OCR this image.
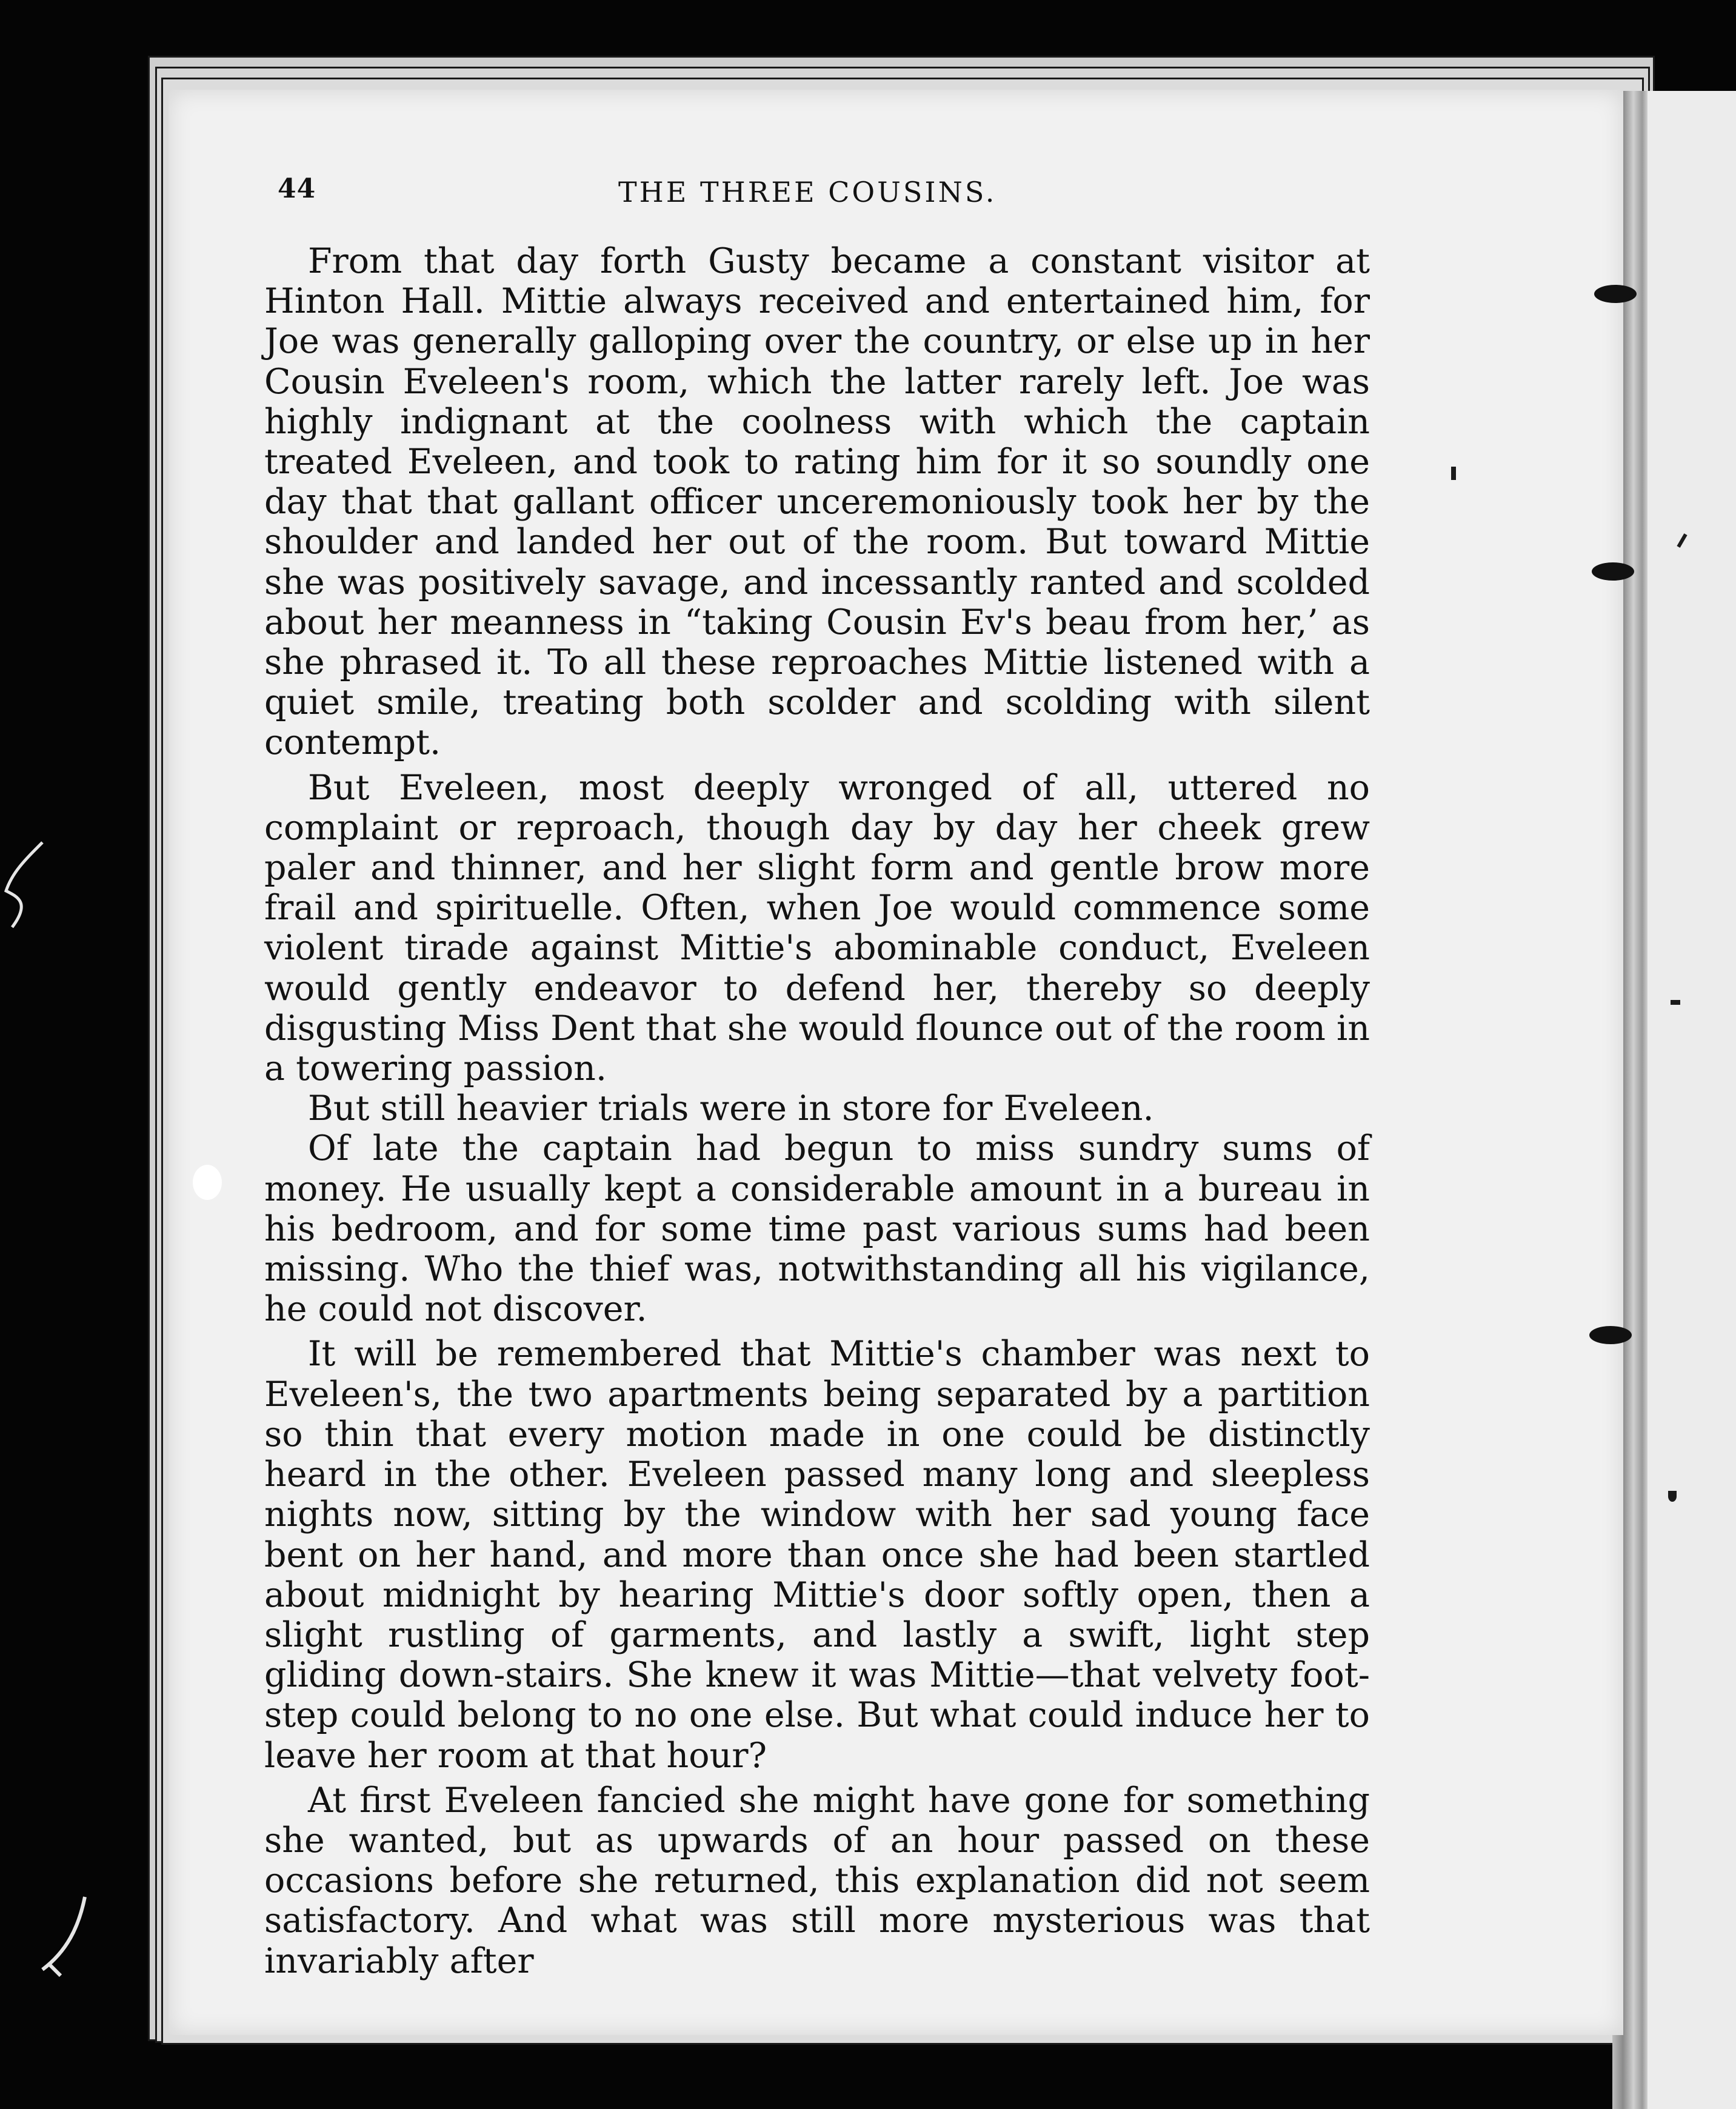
44	THE THREE COUSINS.

From that day forth Gusty became a constant visitor at Hinton Hall. Mittie always received and entertained him, for Joe was generally galloping over the country, or else up in her Cousin Eveleen's room, which the latter rarely left. Joe was highly indignant at the coolness with which the captain treated Eveleen, and took to rating him for it so soundly one day that that gallant officer unceremoniously took her by the shoulder and landed her out of the room. But toward Mittie she was positively savage, and incessantly ranted and scolded about her meanness in “taking Cousin Ev's beau from her,’ as she phrased it. To all these reproaches Mittie listened with a quiet smile, treating both scolder and scolding with silent contempt.

But Eveleen, most deeply wronged of all, uttered no complaint or reproach, though day by day her cheek grew paler and thinner, and her slight form and gentle brow more frail and spirituelle. Often, when Joe would commence some violent tirade against Mittie's abominable conduct, Eveleen would gently endeavor to defend her, thereby so deeply disgusting Miss Dent that she would flounce out of the room in a towering passion.

But still heavier trials were in store for Eveleen.

Of late the captain had begun to miss sundry sums of money. He usually kept a considerable amount in a bureau in his bedroom, and for some time past various sums had been missing. Who the thief was, notwithstanding all his vigilance, he could not discover.

It will be remembered that Mittie's chamber was next to Eveleen's, the two apartments being separated by a partition so thin that every motion made in one could be distinctly heard in the other. Eveleen passed many long and sleepless nights now, sitting by the window with her sad young face bent on her hand, and more than once she had been startled about midnight by hearing Mittie's door softly open, then a slight rustling of garments, and lastly a swift, light step gliding down-stairs. She knew it was Mittie—that velvety foot-step could belong to no one else. But what could induce her to leave her room at that hour?

At first Eveleen fancied she might have gone for something she wanted, but as upwards of an hour passed on these occasions before she returned, this explanation did not seem satisfactory. And what was still more mysterious was that invariably after
